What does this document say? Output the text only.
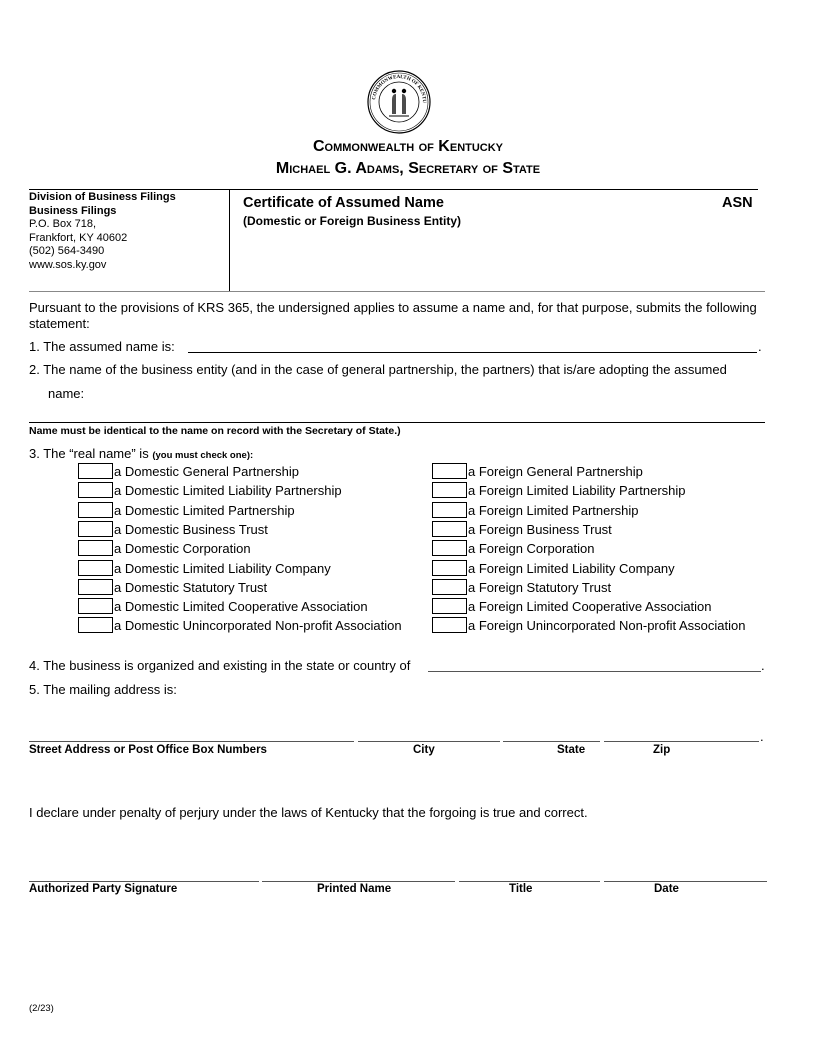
COMMONWEALTH OF KENTU
Commonwealth of Kentucky
Michael G. Adams, Secretary of State
Division of Business Filings
Business Filings
P.O. Box 718,
Frankfort, KY 40602
(502) 564-3490
www.sos.ky.gov
Certificate of Assumed Name
(Domestic or Foreign Business Entity)
ASN
Pursuant to the provisions of KRS 365, the undersigned applies to assume a name and, for that purpose, submits the following statement:
1. The assumed name is:	.
2. The name of the business entity (and in the case of general partnership, the partners) that is/are adopting the assumed
name:
Name must be identical to the name on record with the Secretary of State.)
3. The “real name” is (you must check one):
a Domestic General Partnership
a Domestic Limited Liability Partnership
a Domestic Limited Partnership
a Domestic Business Trust
a Domestic Corporation
a Domestic Limited Liability Company
a Domestic Statutory Trust
a Domestic Limited Cooperative Association
a Domestic Unincorporated Non-profit Association
a Foreign General Partnership
a Foreign Limited Liability Partnership
a Foreign Limited Partnership
a Foreign Business Trust
a Foreign Corporation
a Foreign Limited Liability Company
a Foreign Statutory Trust
a Foreign Limited Cooperative Association
a Foreign Unincorporated Non-profit Association
4. The business is organized and existing in the state or country of	.
5. The mailing address is:
.
Street Address or Post Office Box Numbers	City	State	Zip
I declare under penalty of perjury under the laws of Kentucky that the forgoing is true and correct.
Authorized Party Signature	Printed Name	Title	Date
(2/23)
